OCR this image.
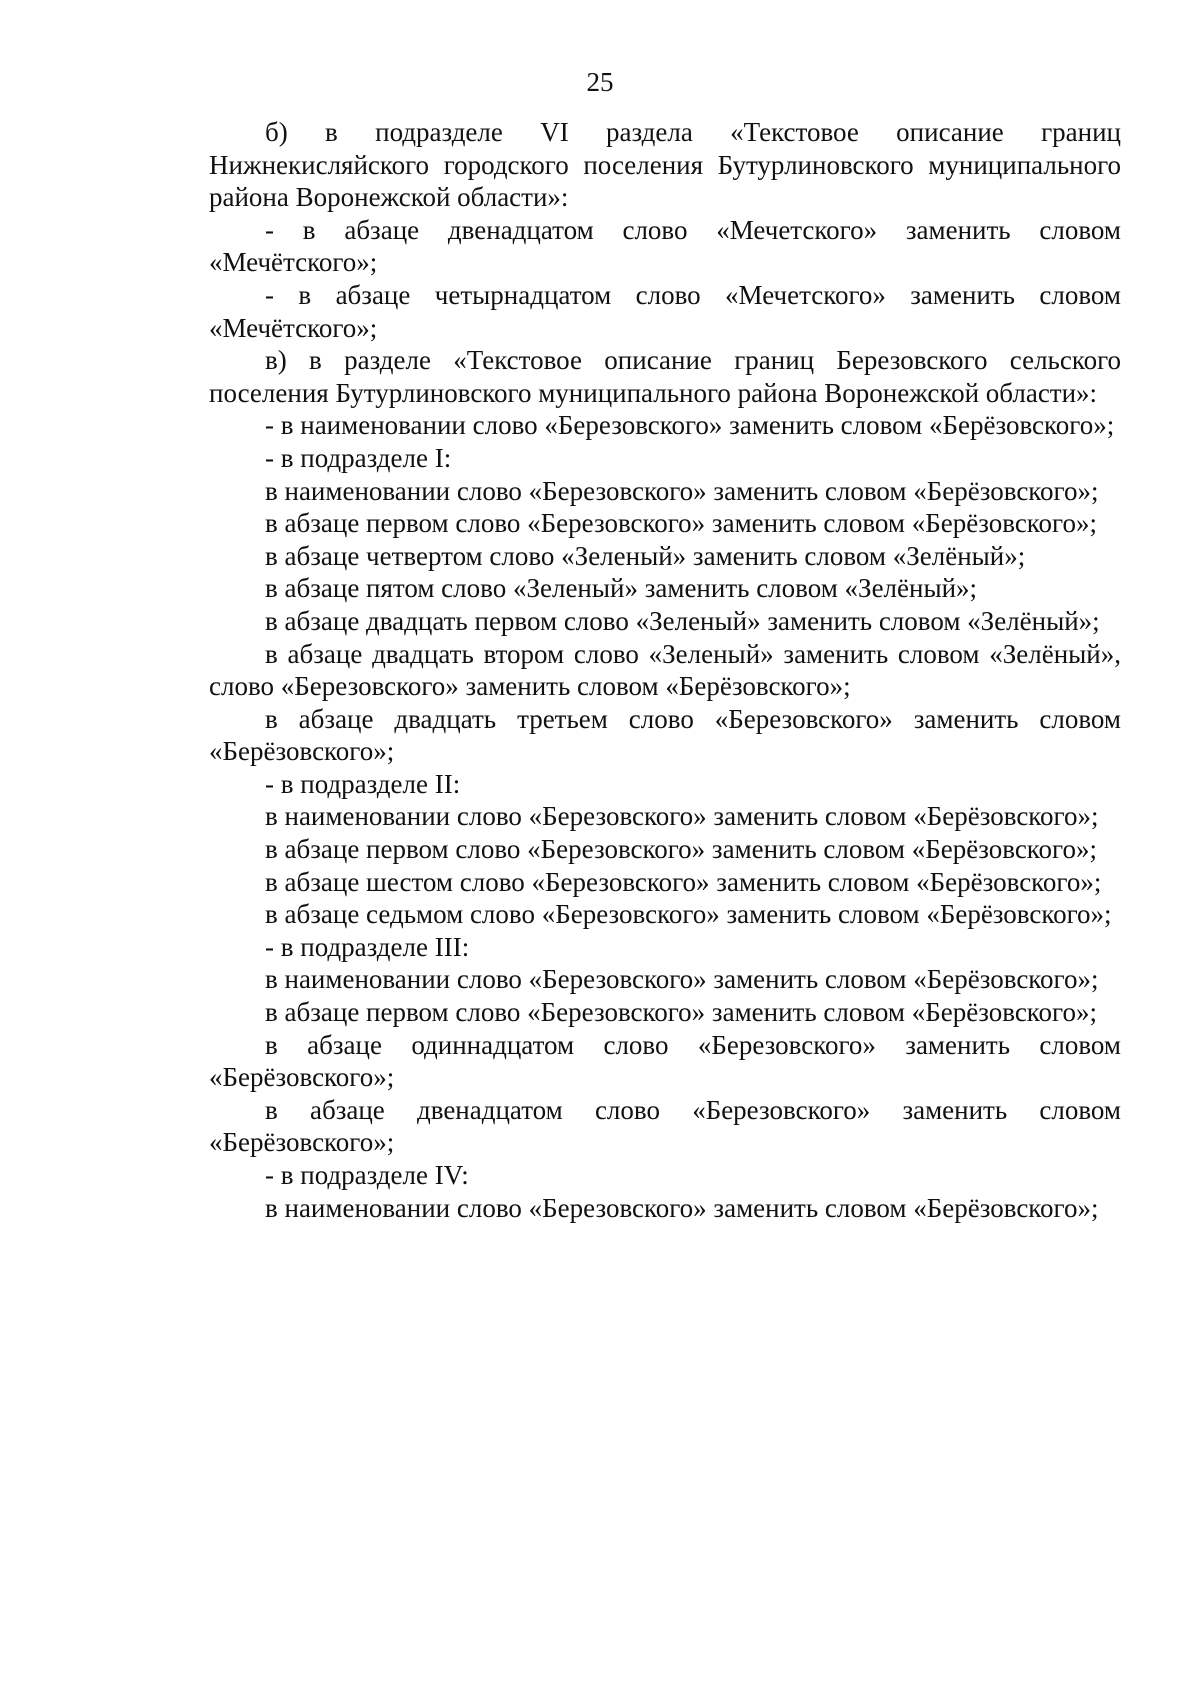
25

б) в подразделе VI раздела «Текстовое описание границ Нижнекисляйского городского поселения Бутурлиновского муниципального района Воронежской области»:

- в абзаце двенадцатом слово «Мечетского» заменить словом «Мечётского»;

- в абзаце четырнадцатом слово «Мечетского» заменить словом «Мечётского»;

в) в разделе «Текстовое описание границ Березовского сельского поселения Бутурлиновского муниципального района Воронежской области»:

- в наименовании слово «Березовского» заменить словом «Берёзовского»;

- в подразделе I:

в наименовании слово «Березовского» заменить словом «Берёзовского»;

в абзаце первом слово «Березовского» заменить словом «Берёзовского»;

в абзаце четвертом слово «Зеленый» заменить словом «Зелёный»;

в абзаце пятом слово «Зеленый» заменить словом «Зелёный»;

в абзаце двадцать первом слово «Зеленый» заменить словом «Зелёный»;

в абзаце двадцать втором слово «Зеленый» заменить словом «Зелёный», слово «Березовского» заменить словом «Берёзовского»;

в абзаце двадцать третьем слово «Березовского» заменить словом «Берёзовского»;

- в подразделе II:

в наименовании слово «Березовского» заменить словом «Берёзовского»;

в абзаце первом слово «Березовского» заменить словом «Берёзовского»;

в абзаце шестом слово «Березовского» заменить словом «Берёзовского»;

в абзаце седьмом слово «Березовского» заменить словом «Берёзовского»;

- в подразделе III:

в наименовании слово «Березовского» заменить словом «Берёзовского»;

в абзаце первом слово «Березовского» заменить словом «Берёзовского»;

в абзаце одиннадцатом слово «Березовского» заменить словом «Берёзовского»;

в абзаце двенадцатом слово «Березовского» заменить словом «Берёзовского»;

- в подразделе IV:

в наименовании слово «Березовского» заменить словом «Берёзовского»;
